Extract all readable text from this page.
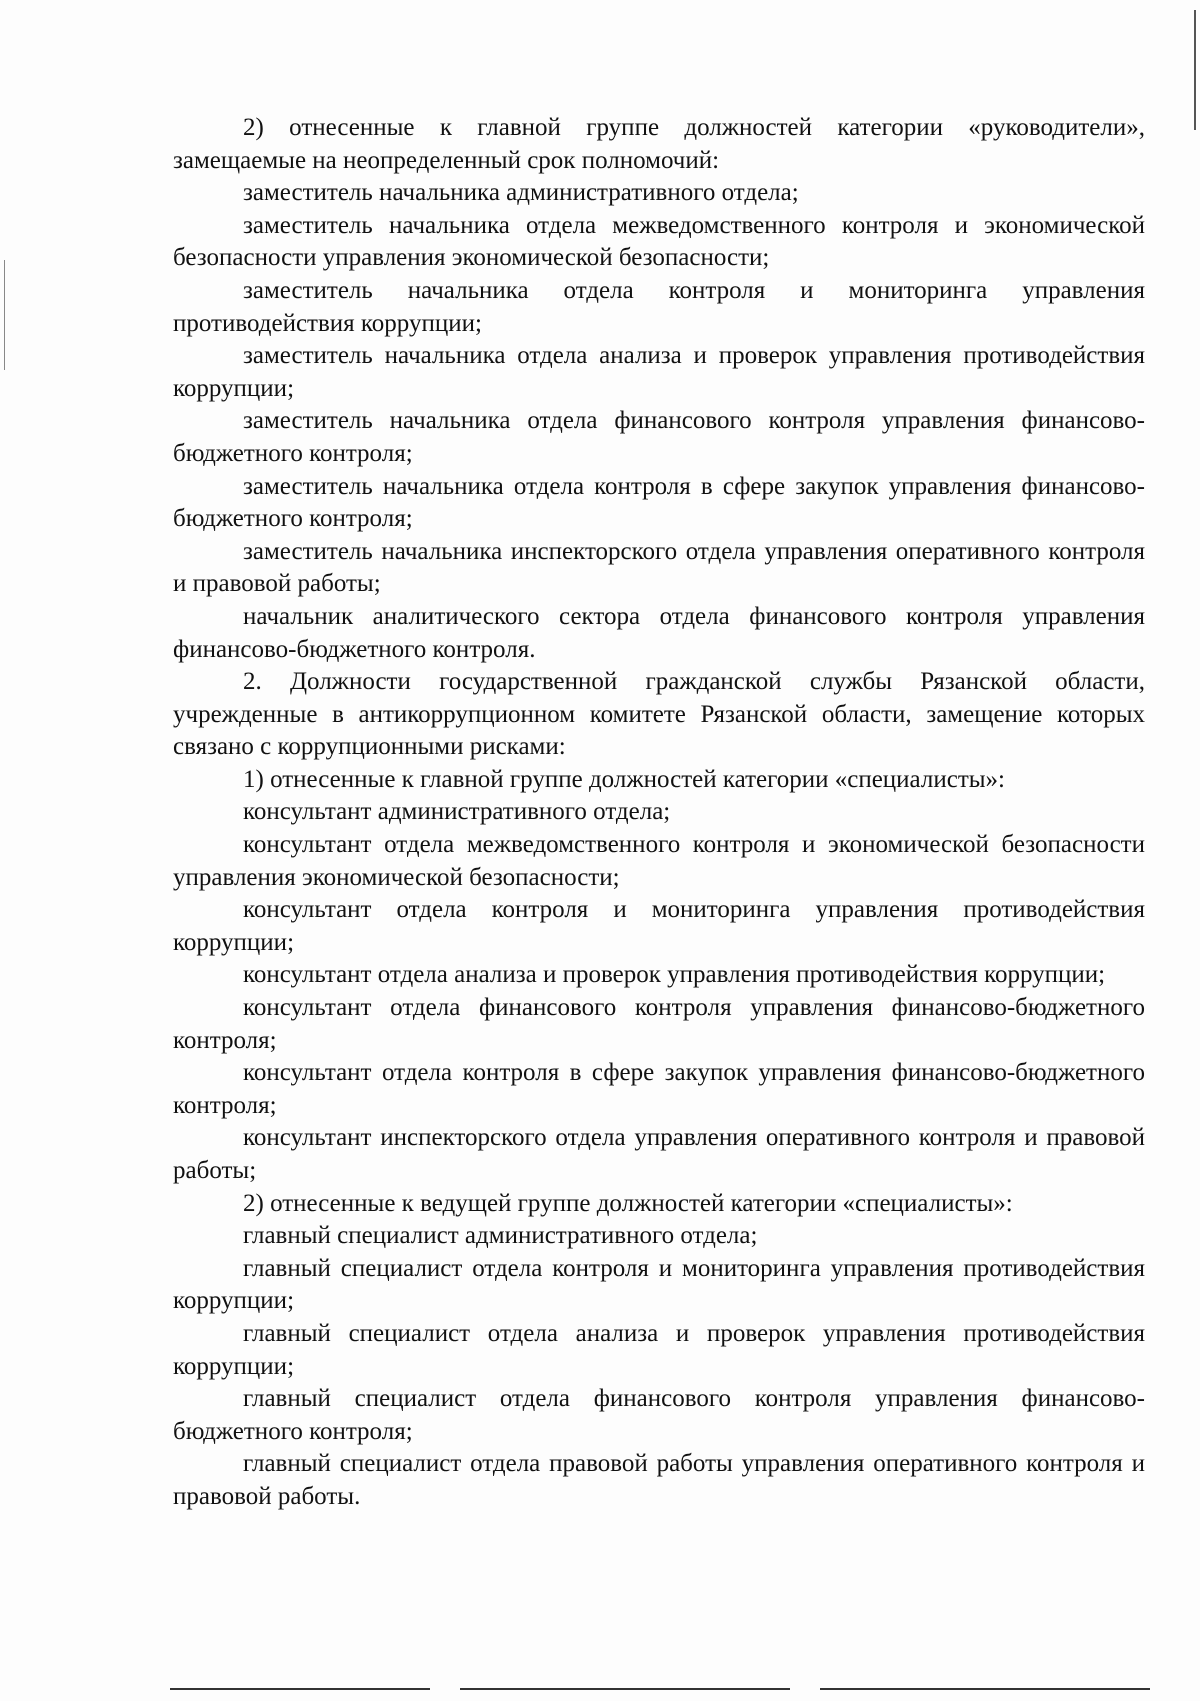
2) отнесенные к главной группе должностей категории «руководители», замещаемые на неопределенный срок полномочий:

заместитель начальника административного отдела;

заместитель начальника отдела межведомственного контроля и экономической безопасности управления экономической безопасности;

заместитель начальника отдела контроля и мониторинга управления противодействия коррупции;

заместитель начальника отдела анализа и проверок управления противодействия коррупции;

заместитель начальника отдела финансового контроля управления финансово-бюджетного контроля;

заместитель начальника отдела контроля в сфере закупок управления финансово-бюджетного контроля;

заместитель начальника инспекторского отдела управления оперативного контроля и правовой работы;

начальник аналитического сектора отдела финансового контроля управления финансово-бюджетного контроля.

2. Должности государственной гражданской службы Рязанской области, учрежденные в антикоррупционном комитете Рязанской области, замещение которых связано с коррупционными рисками:

1) отнесенные к главной группе должностей категории «специалисты»:

консультант административного отдела;

консультант отдела межведомственного контроля и экономической безопасности управления экономической безопасности;

консультант отдела контроля и мониторинга управления противодействия коррупции;

консультант отдела анализа и проверок управления противодействия коррупции;

консультант отдела финансового контроля управления финансово-бюджетного контроля;

консультант отдела контроля в сфере закупок управления финансово-бюджетного контроля;

консультант инспекторского отдела управления оперативного контроля и правовой работы;

2) отнесенные к ведущей группе должностей категории «специалисты»:

главный специалист административного отдела;

главный специалист отдела контроля и мониторинга управления противодействия коррупции;

главный специалист отдела анализа и проверок управления противодействия коррупции;

главный специалист отдела финансового контроля управления финансово-бюджетного контроля;

главный специалист отдела правовой работы управления оперативного контроля и правовой работы.
